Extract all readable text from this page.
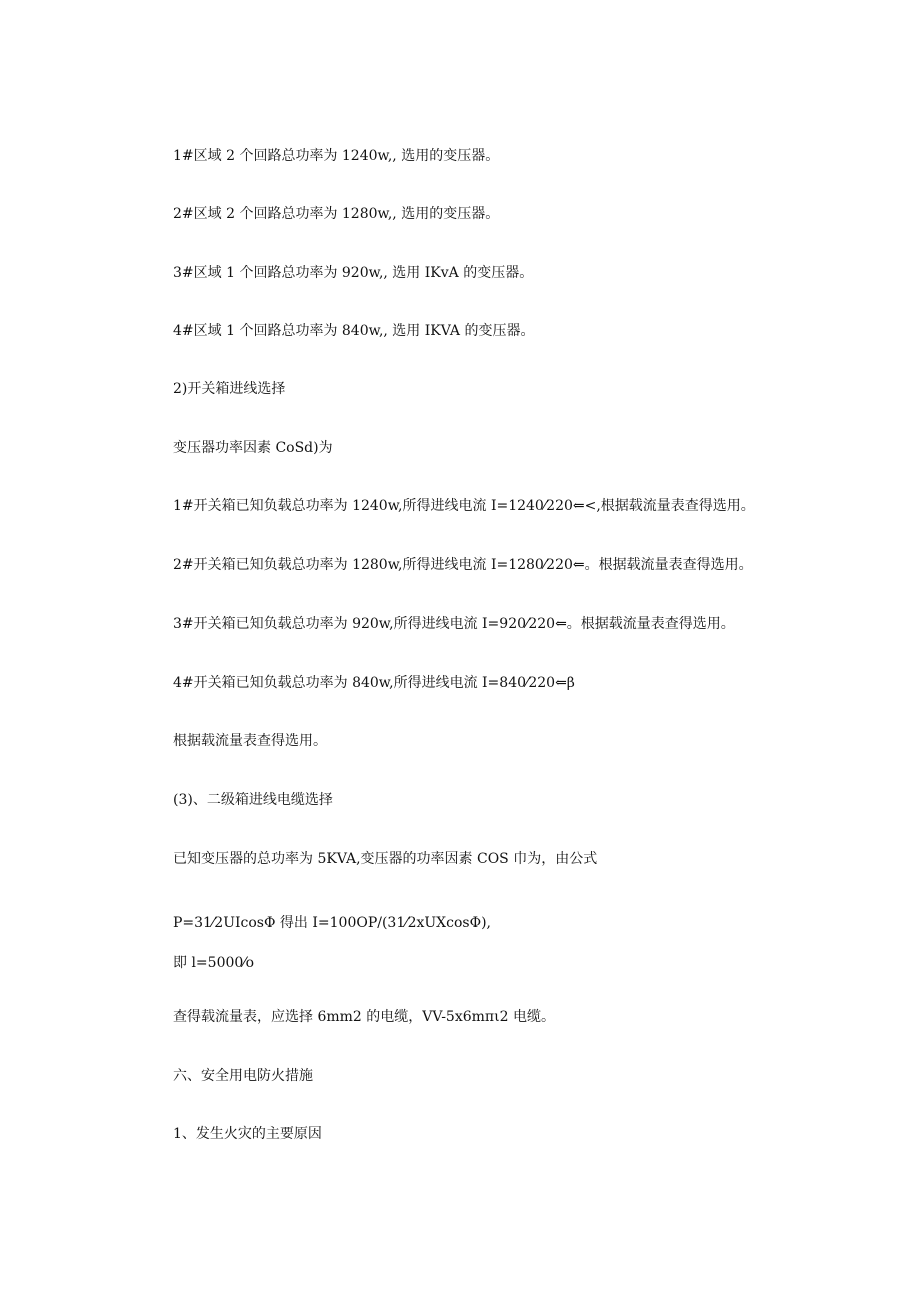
1#区域 2 个回路总功率为 1240w,, 选用的变压器。
2#区域 2 个回路总功率为 1280w,, 选用的变压器。
3#区域 1 个回路总功率为 920w,, 选用 IKvA 的变压器。
4#区域 1 个回路总功率为 840w,, 选用 IKVA 的变压器。
2)开关箱进线选择
变压器功率因素 CoSd)为
1#开关箱已知负载总功率为 1240w,所得进线电流 I=1240⁄220⇐<,根据载流量表查得选用。
2#开关箱已知负载总功率为 1280w,所得进线电流 I=1280⁄220⇐。根据载流量表查得选用。
3#开关箱已知负载总功率为 920w,所得进线电流 I=920⁄220⇐。根据载流量表查得选用。
4#开关箱已知负载总功率为 840w,所得进线电流 I=840⁄220⇐β
根据载流量表查得选用。
(3)、二级箱进线电缆选择
已知变压器的总功率为 5KVA,变压器的功率因素 COS 巾为，由公式
P=31⁄2UIcosΦ 得出 I=100OP/(31⁄2xUXcosΦ),
即 l=5000⁄o
查得载流量表，应选择 6mm2 的电缆，VV-5x6mπι2 电缆。
六、安全用电防火措施
1、发生火灾的主要原因
